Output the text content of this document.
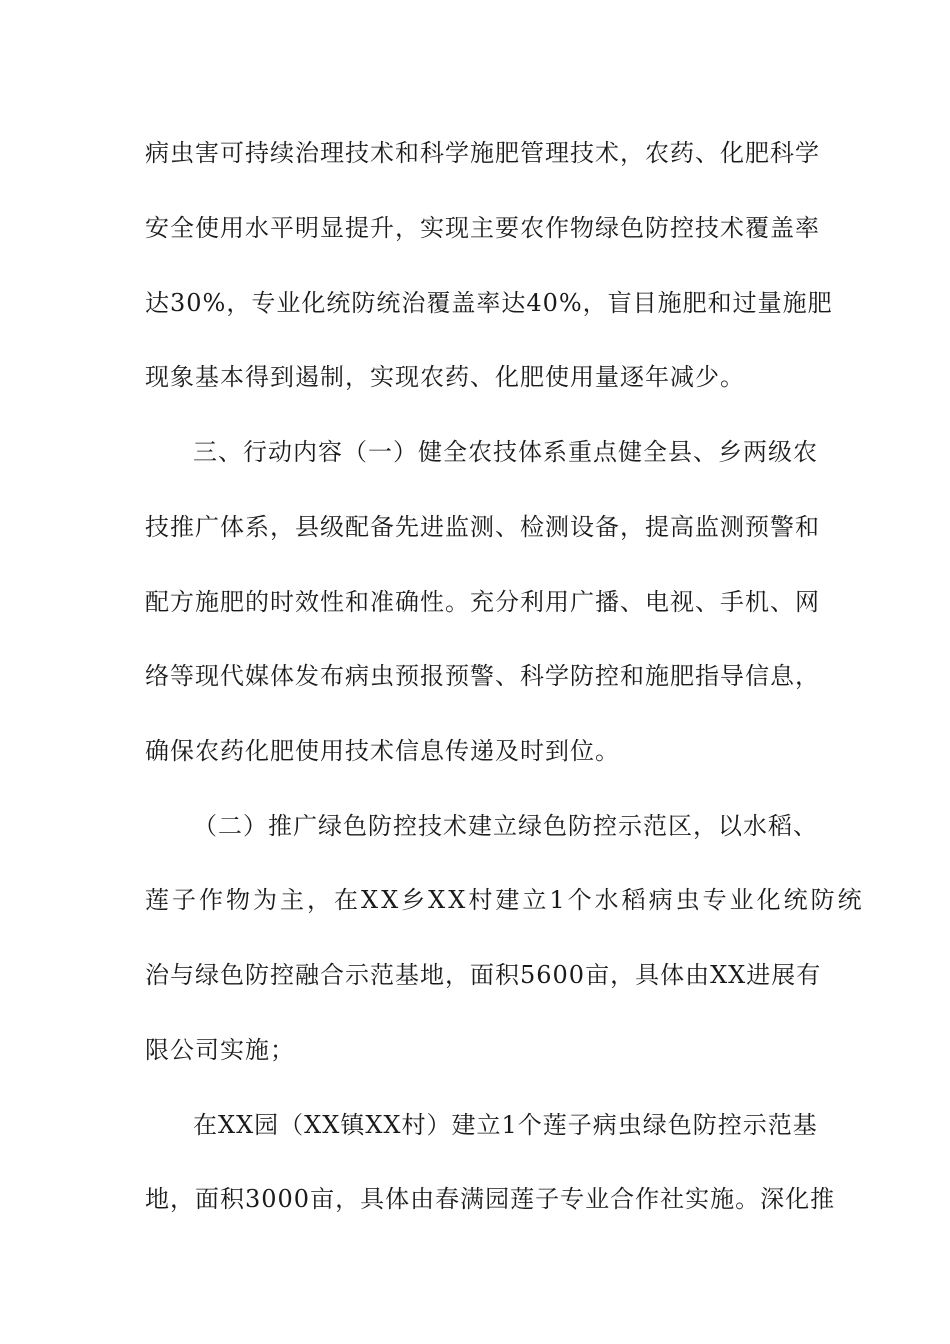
病虫害可持续治理技术和科学施肥管理技术，农药、化肥科学
安全使用水平明显提升，实现主要农作物绿色防控技术覆盖率
达30%，专业化统防统治覆盖率达40%，盲目施肥和过量施肥
现象基本得到遏制，实现农药、化肥使用量逐年减少。
三、行动内容（一）健全农技体系重点健全县、乡两级农
技推广体系，县级配备先进监测、检测设备，提高监测预警和
配方施肥的时效性和准确性。充分利用广播、电视、手机、网
络等现代媒体发布病虫预报预警、科学防控和施肥指导信息，
确保农药化肥使用技术信息传递及时到位。
（二）推广绿色防控技术建立绿色防控示范区，以水稻、
莲子作物为主，在XX乡XX村建立1个水稻病虫专业化统防统
治与绿色防控融合示范基地，面积5600亩，具体由XX进展有
限公司实施；
在XX园（XX镇XX村）建立1个莲子病虫绿色防控示范基
地，面积3000亩，具体由春满园莲子专业合作社实施。深化推
